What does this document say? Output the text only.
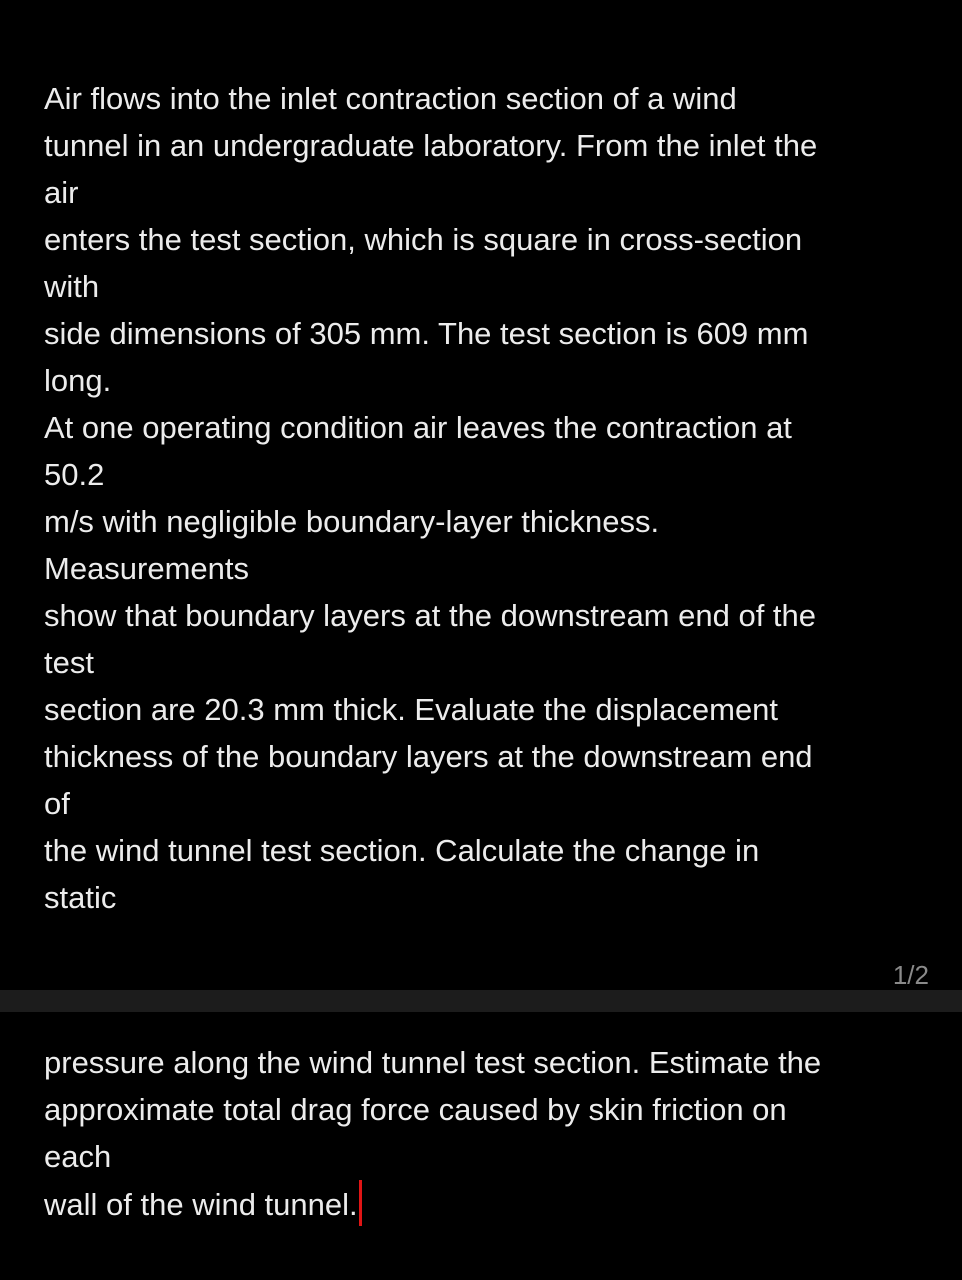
Air flows into the inlet contraction section of a wind
tunnel in an undergraduate laboratory. From the inlet the
air
enters the test section, which is square in cross-section
with
side dimensions of 305 mm. The test section is 609 mm
long.
At one operating condition air leaves the contraction at
50.2
m/s with negligible boundary-layer thickness.
Measurements
show that boundary layers at the downstream end of the
test
section are 20.3 mm thick. Evaluate the displacement
thickness of the boundary layers at the downstream end
of
the wind tunnel test section. Calculate the change in
static
1/2
pressure along the wind tunnel test section. Estimate the
approximate total drag force caused by skin friction on
each
wall of the wind tunnel.
